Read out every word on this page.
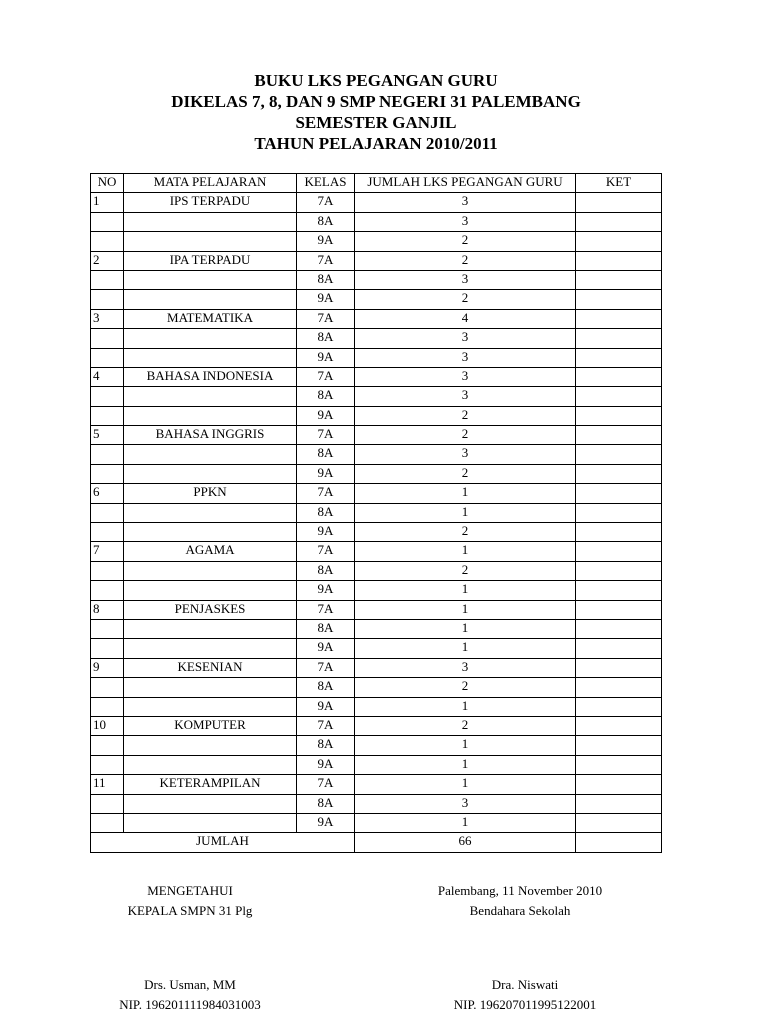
BUKU LKS PEGANGAN GURU

DIKELAS 7, 8, DAN 9 SMP NEGERI 31 PALEMBANG

SEMESTER GANJIL

TAHUN PELAJARAN 2010/2011

NO	MATA PELAJARAN	KELAS	JUMLAH LKS PEGANGAN GURU	KET
1	IPS TERPADU	7A	3	
		8A	3	
		9A	2	
2	IPA TERPADU	7A	2	
		8A	3	
		9A	2	
3	MATEMATIKA	7A	4	
		8A	3	
		9A	3	
4	BAHASA INDONESIA	7A	3	
		8A	3	
		9A	2	
5	BAHASA INGGRIS	7A	2	
		8A	3	
		9A	2	
6	PPKN	7A	1	
		8A	1	
		9A	2	
7	AGAMA	7A	1	
		8A	2	
		9A	1	
8	PENJASKES	7A	1	
		8A	1	
		9A	1	
9	KESENIAN	7A	3	
		8A	2	
		9A	1	
10	KOMPUTER	7A	2	
		8A	1	
		9A	1	
11	KETERAMPILAN	7A	1	
		8A	3	
		9A	1	
JUMLAH			66	

MENGETAHUI

KEPALA SMPN 31 Plg

Palembang, 11 November 2010

Bendahara Sekolah

Drs. Usman, MM

NIP. 196201111984031003

Dra. Niswati

NIP. 196207011995122001
